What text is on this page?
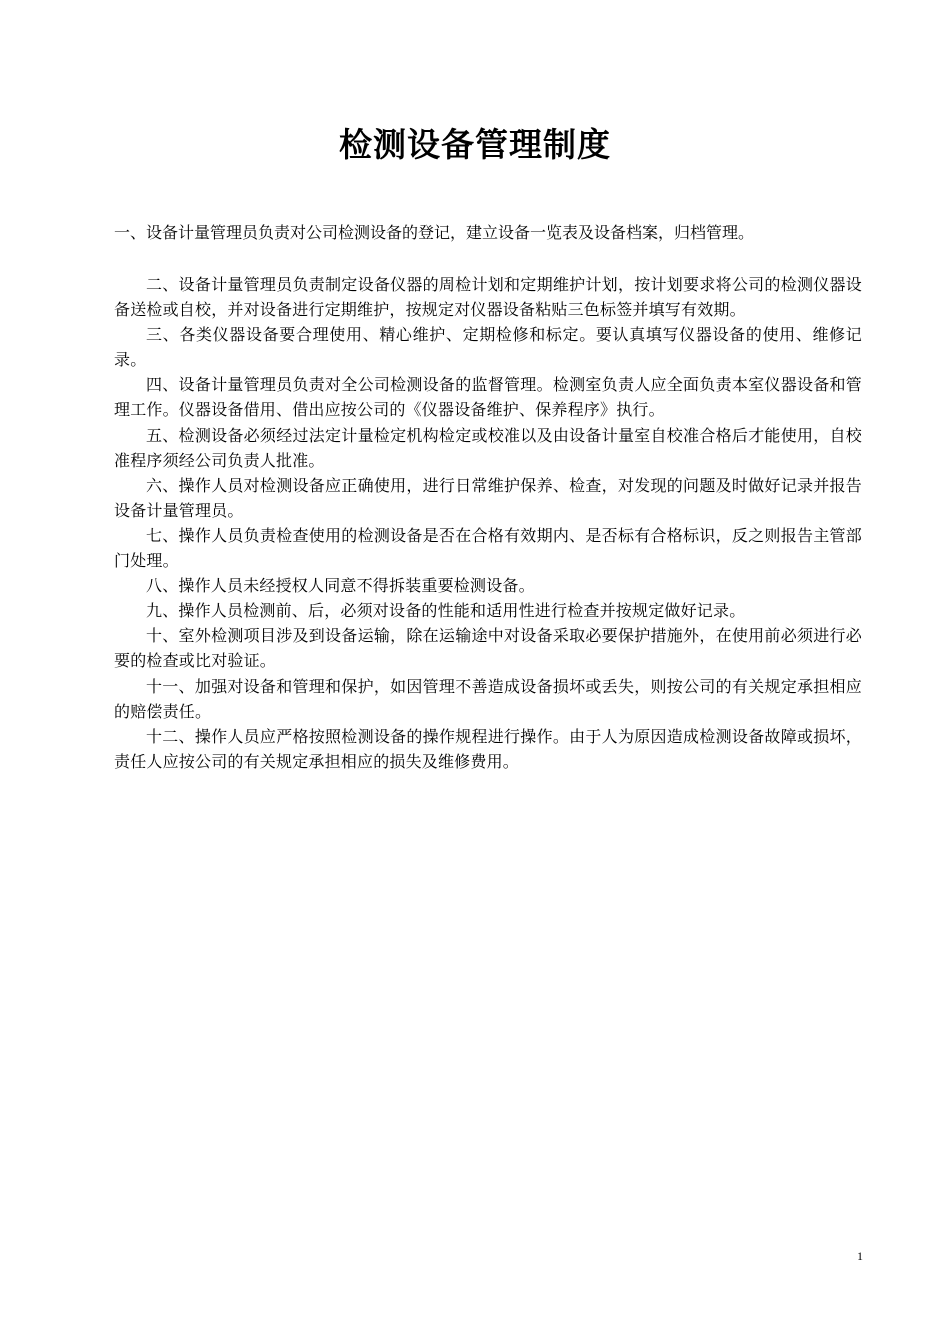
检测设备管理制度

一、设备计量管理员负责对公司检测设备的登记，建立设备一览表及设备档案，归档管理。

二、设备计量管理员负责制定设备仪器的周检计划和定期维护计划，按计划要求将公司的检测仪器设备送检或自校，并对设备进行定期维护，按规定对仪器设备粘贴三色标签并填写有效期。

三、各类仪器设备要合理使用、精心维护、定期检修和标定。要认真填写仪器设备的使用、维修记录。

四、设备计量管理员负责对全公司检测设备的监督管理。检测室负责人应全面负责本室仪器设备和管理工作。仪器设备借用、借出应按公司的《仪器设备维护、保养程序》执行。

五、检测设备必须经过法定计量检定机构检定或校准以及由设备计量室自校准合格后才能使用，自校准程序须经公司负责人批准。

六、操作人员对检测设备应正确使用，进行日常维护保养、检查，对发现的问题及时做好记录并报告设备计量管理员。

七、操作人员负责检查使用的检测设备是否在合格有效期内、是否标有合格标识，反之则报告主管部门处理。

八、操作人员未经授权人同意不得拆装重要检测设备。

九、操作人员检测前、后，必须对设备的性能和适用性进行检查并按规定做好记录。

十、室外检测项目涉及到设备运输，除在运输途中对设备采取必要保护措施外，在使用前必须进行必要的检查或比对验证。

十一、加强对设备和管理和保护，如因管理不善造成设备损坏或丢失，则按公司的有关规定承担相应的赔偿责任。

十二、操作人员应严格按照检测设备的操作规程进行操作。由于人为原因造成检测设备故障或损坏，责任人应按公司的有关规定承担相应的损失及维修费用。

1
